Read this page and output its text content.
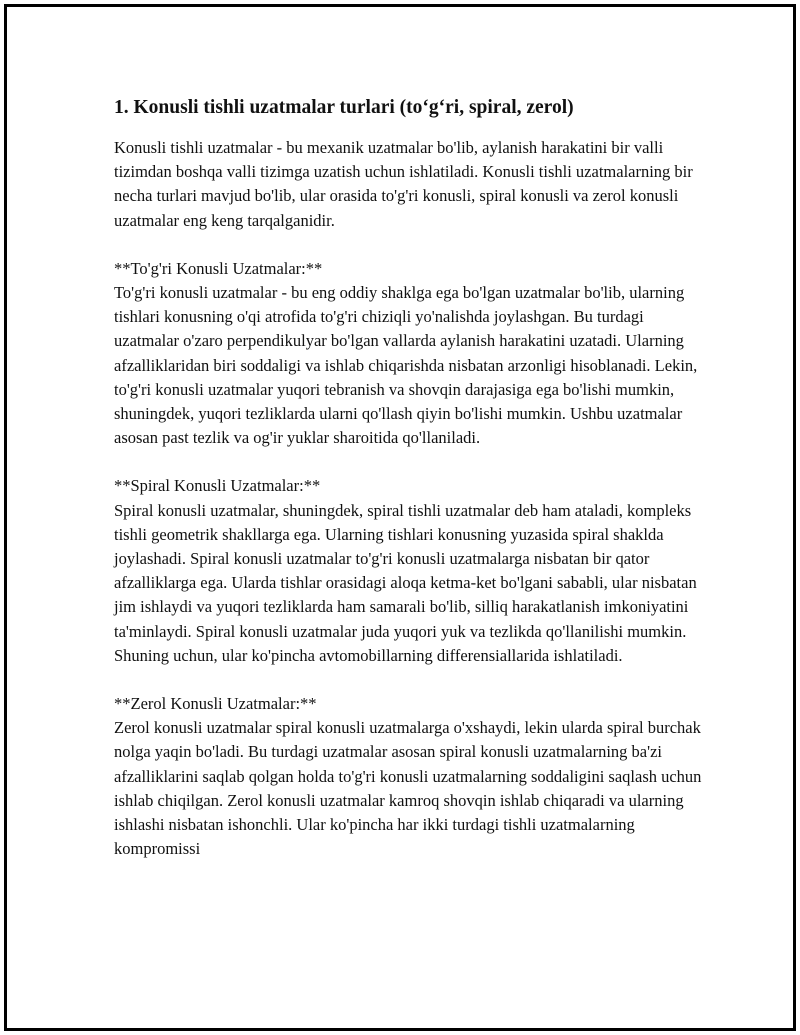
1. Konusli tishli uzatmalar turlari (to‘g‘ri, spiral, zerol)

Konusli tishli uzatmalar - bu mexanik uzatmalar bo'lib, aylanish harakatini bir valli tizimdan boshqa valli tizimga uzatish uchun ishlatiladi. Konusli tishli uzatmalarning bir necha turlari mavjud bo'lib, ular orasida to'g'ri konusli, spiral konusli va zerol konusli uzatmalar eng keng tarqalganidir.

**To'g'ri Konusli Uzatmalar:**
To'g'ri konusli uzatmalar - bu eng oddiy shaklga ega bo'lgan uzatmalar bo'lib, ularning tishlari konusning o'qi atrofida to'g'ri chiziqli yo'nalishda joylashgan. Bu turdagi uzatmalar o'zaro perpendikulyar bo'lgan vallarda aylanish harakatini uzatadi. Ularning afzalliklaridan biri soddaligi va ishlab chiqarishda nisbatan arzonligi hisoblanadi. Lekin, to'g'ri konusli uzatmalar yuqori tebranish va shovqin darajasiga ega bo'lishi mumkin, shuningdek, yuqori tezliklarda ularni qo'llash qiyin bo'lishi mumkin. Ushbu uzatmalar asosan past tezlik va og'ir yuklar sharoitida qo'llaniladi.

**Spiral Konusli Uzatmalar:**
Spiral konusli uzatmalar, shuningdek, spiral tishli uzatmalar deb ham ataladi, kompleks tishli geometrik shakllarga ega. Ularning tishlari konusning yuzasida spiral shaklda joylashadi. Spiral konusli uzatmalar to'g'ri konusli uzatmalarga nisbatan bir qator afzalliklarga ega. Ularda tishlar orasidagi aloqa ketma-ket bo'lgani sababli, ular nisbatan jim ishlaydi va yuqori tezliklarda ham samarali bo'lib, silliq harakatlanish imkoniyatini ta'minlaydi. Spiral konusli uzatmalar juda yuqori yuk va tezlikda qo'llanilishi mumkin. Shuning uchun, ular ko'pincha avtomobillarning differensiallarida ishlatiladi.

**Zerol Konusli Uzatmalar:**
Zerol konusli uzatmalar spiral konusli uzatmalarga o'xshaydi, lekin ularda spiral burchak nolga yaqin bo'ladi. Bu turdagi uzatmalar asosan spiral konusli uzatmalarning ba'zi afzalliklarini saqlab qolgan holda to'g'ri konusli uzatmalarning soddaligini saqlash uchun ishlab chiqilgan. Zerol konusli uzatmalar kamroq shovqin ishlab chiqaradi va ularning ishlashi nisbatan ishonchli. Ular ko'pincha har ikki turdagi tishli uzatmalarning kompromissi
